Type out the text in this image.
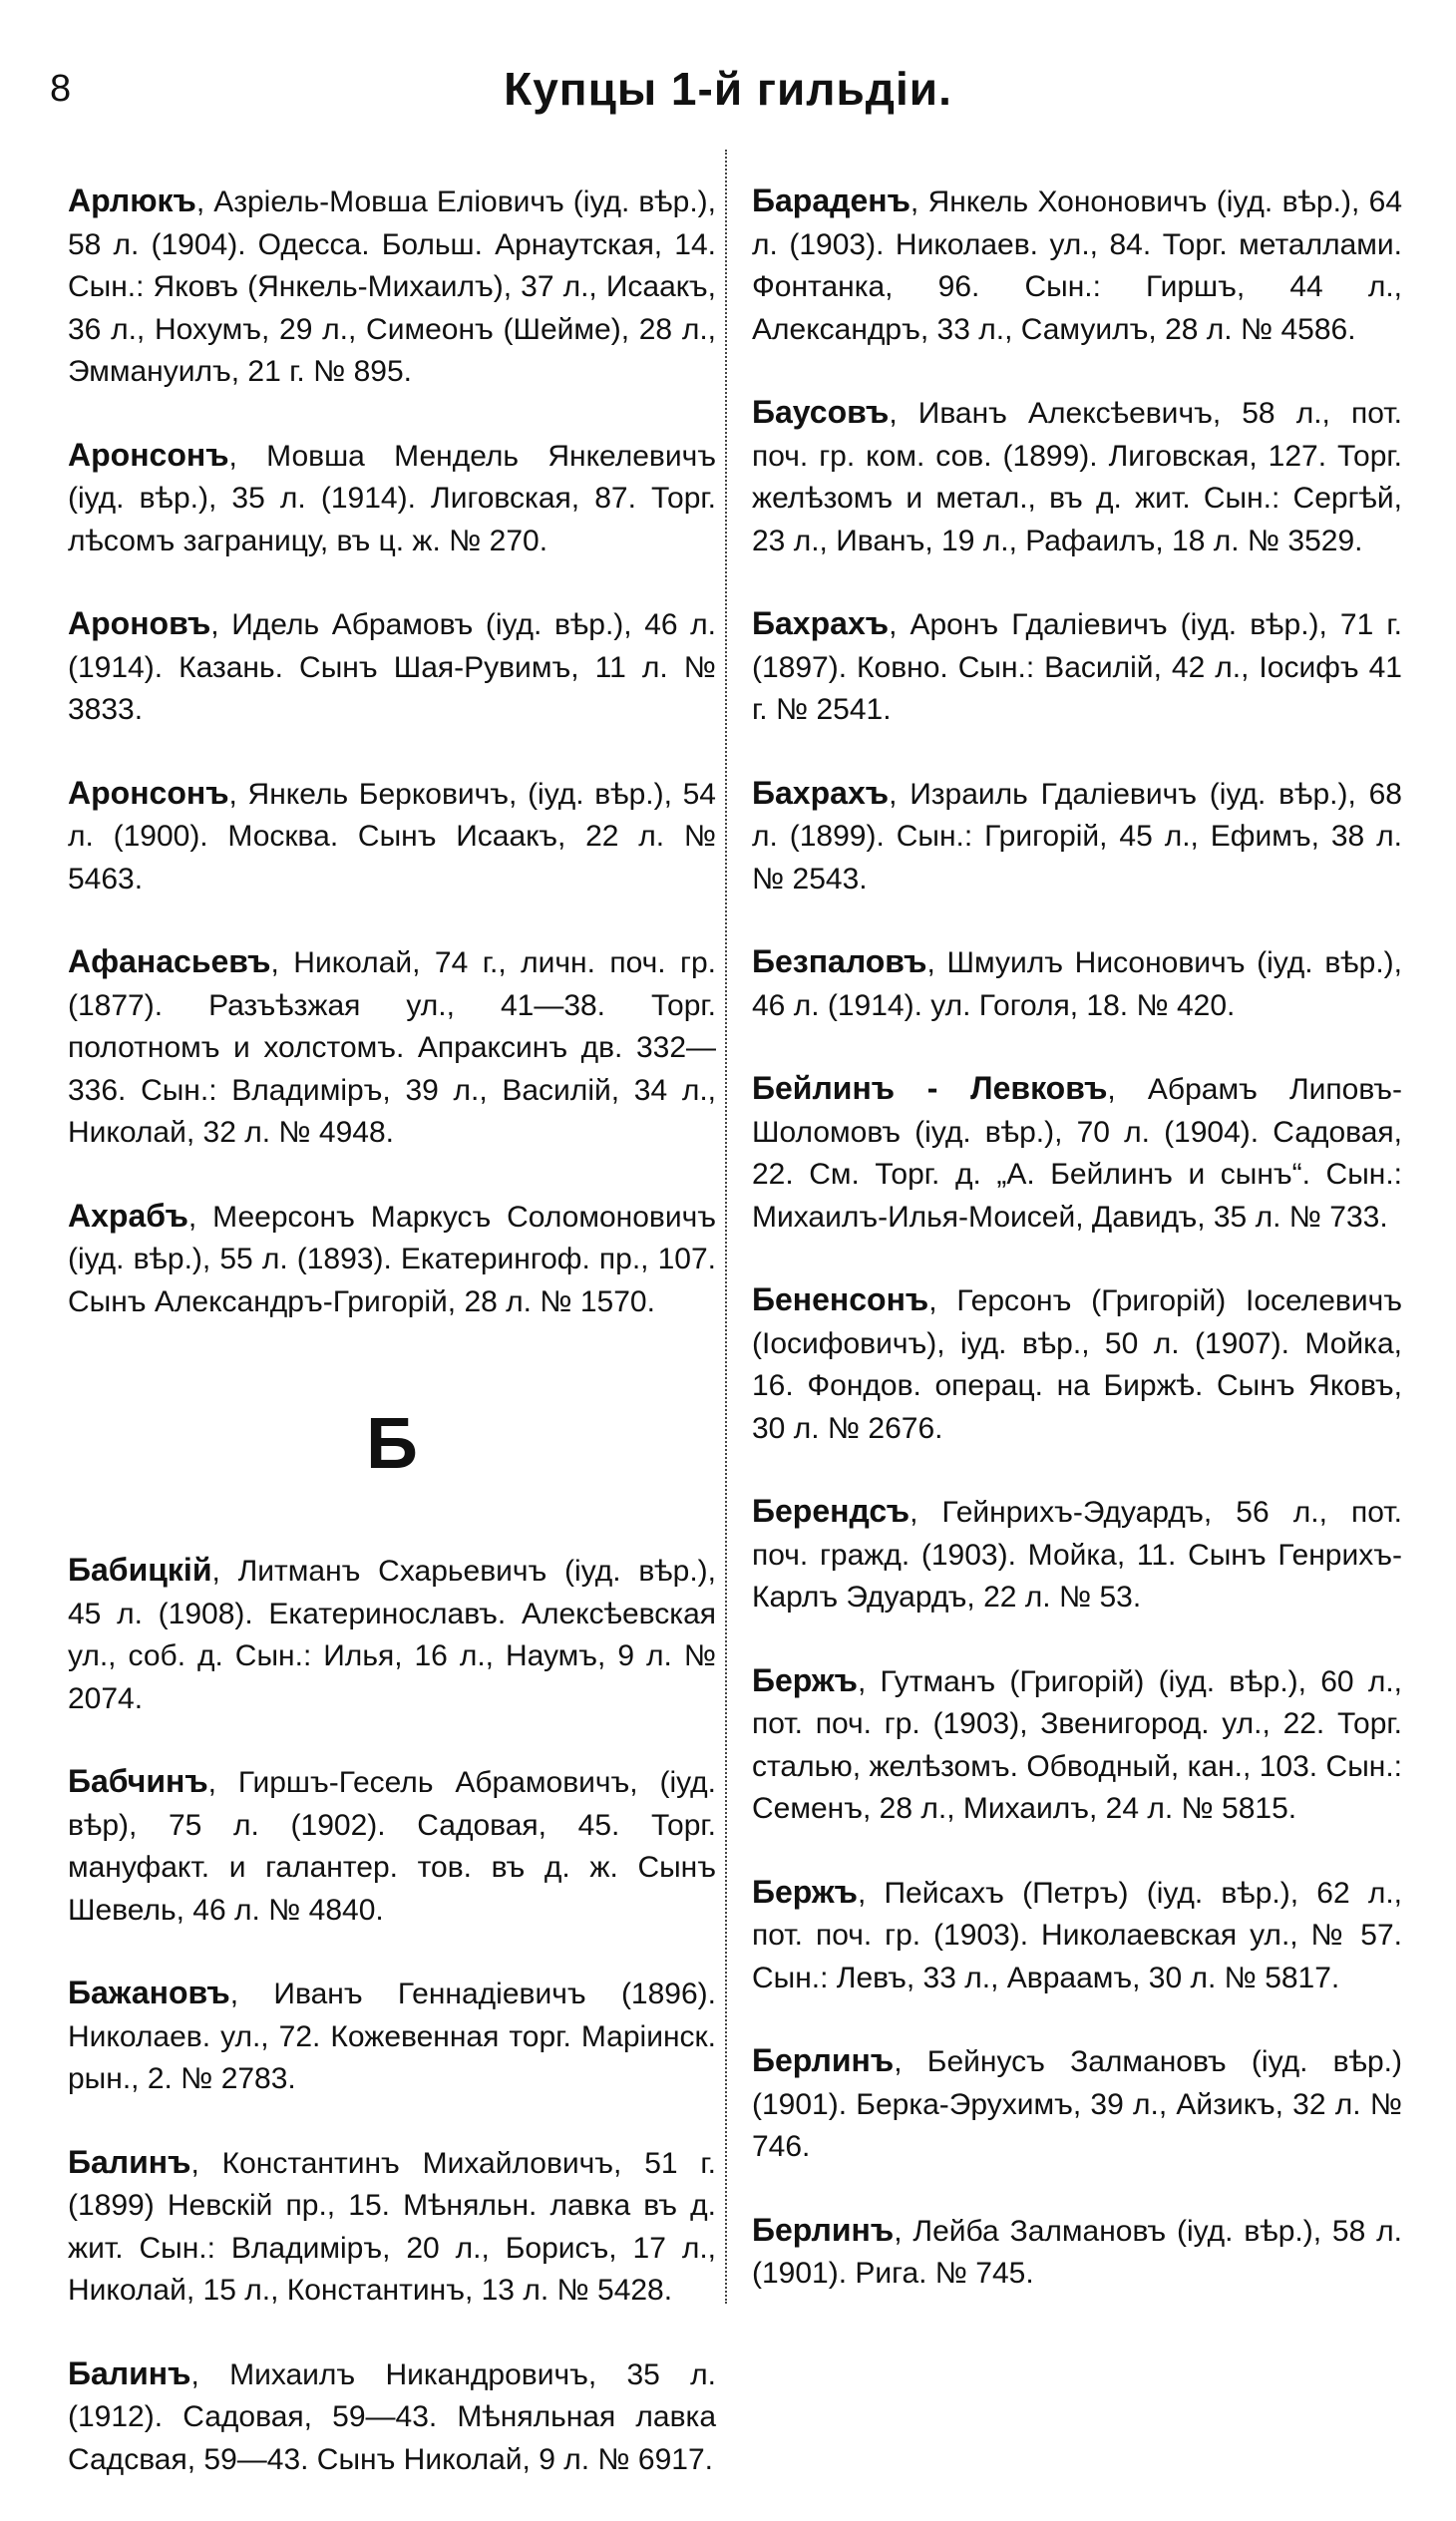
8	Купцы 1-й гильдіи.

Арлюкъ, Азріель-Мовша Еліовичъ (іуд. вѣр.), 58 л. (1904). Одесса. Больш. Арнаутская, 14. Сын.: Яковъ (Янкель-Михаилъ), 37 л., Исаакъ, 36 л., Нохумъ, 29 л., Симеонъ (Шейме), 28 л., Эммануилъ, 21 г. № 895.

Аронсонъ, Мовша Мендель Янкелевичъ (іуд. вѣр.), 35 л. (1914). Лиговская, 87. Торг. лѣсомъ заграницу, въ ц. ж. № 270.

Ароновъ, Идель Абрамовъ (іуд. вѣр.), 46 л. (1914). Казань. Сынъ Шая-Рувимъ, 11 л. № 3833.

Аронсонъ, Янкель Берковичъ, (іуд. вѣр.), 54 л. (1900). Москва. Сынъ Исаакъ, 22 л. № 5463.

Афанасьевъ, Николай, 74 г., личн. поч. гр. (1877). Разъѣзжая ул., 41—38. Торг. полотномъ и холстомъ. Апраксинъ дв. 332—336. Сын.: Владиміръ, 39 л., Василій, 34 л., Николай, 32 л. № 4948.

Ахрабъ, Меерсонъ Маркусъ Соломоновичъ (іуд. вѣр.), 55 л. (1893). Екатерингоф. пр., 107. Сынъ Александръ-Григорій, 28 л. № 1570.

Б

Бабицкій, Литманъ Схарьевичъ (іуд. вѣр.), 45 л. (1908). Екатеринославъ. Алексѣевская ул., соб. д. Сын.: Илья, 16 л., Наумъ, 9 л. № 2074.

Бабчинъ, Гиршъ-Гесель Абрамовичъ, (іуд. вѣр), 75 л. (1902). Садовая, 45. Торг. мануфакт. и галантер. тов. въ д. ж. Сынъ Шевель, 46 л. № 4840.

Бажановъ, Иванъ Геннадіевичъ (1896). Николаев. ул., 72. Кожевенная торг. Маріинск. рын., 2. № 2783.

Балинъ, Константинъ Михайловичъ, 51 г. (1899) Невскій пр., 15. Мѣняльн. лавка въ д. жит. Сын.: Владиміръ, 20 л., Борисъ, 17 л., Николай, 15 л., Константинъ, 13 л. № 5428.

Балинъ, Михаилъ Никандровичъ, 35 л. (1912). Садовая, 59—43. Мѣняльная лавка Садсвая, 59—43. Сынъ Николай, 9 л. № 6917.

Бараденъ, Янкель Хононовичъ (іуд. вѣр.), 64 л. (1903). Николаев. ул., 84. Торг. металлами. Фонтанка, 96. Сын.: Гиршъ, 44 л., Александръ, 33 л., Самуилъ, 28 л. № 4586.

Баусовъ, Иванъ Алексѣевичъ, 58 л., пот. поч. гр. ком. сов. (1899). Лиговская, 127. Торг. желѣзомъ и метал., въ д. жит. Сын.: Сергѣй, 23 л., Иванъ, 19 л., Рафаилъ, 18 л. № 3529.

Бахрахъ, Аронъ Гдаліевичъ (іуд. вѣр.), 71 г. (1897). Ковно. Сын.: Василій, 42 л., Іосифъ 41 г. № 2541.

Бахрахъ, Израиль Гдаліевичъ (іуд. вѣр.), 68 л. (1899). Сын.: Григорій, 45 л., Ефимъ, 38 л. № 2543.

Безпаловъ, Шмуилъ Нисоновичъ (іуд. вѣр.), 46 л. (1914). ул. Гоголя, 18. № 420.

Бейлинъ - Левковъ, Абрамъ Липовъ-Шоломовъ (іуд. вѣр.), 70 л. (1904). Садовая, 22. См. Торг. д. „А. Бейлинъ и сынъ“. Сын.: Михаилъ-Илья-Моисей, Давидъ, 35 л. № 733.

Бененсонъ, Герсонъ (Григорій) Іоселевичъ (Іосифовичъ), іуд. вѣр., 50 л. (1907). Мойка, 16. Фондов. операц. на Биржѣ. Сынъ Яковъ, 30 л. № 2676.

Берендсъ, Гейнрихъ-Эдуардъ, 56 л., пот. поч. гражд. (1903). Мойка, 11. Сынъ Генрихъ-Карлъ Эдуардъ, 22 л. № 53.

Бержъ, Гутманъ (Григорій) (іуд. вѣр.), 60 л., пот. поч. гр. (1903), Звенигород. ул., 22. Торг. сталью, желѣзомъ. Обводный, кан., 103. Сын.: Семенъ, 28 л., Михаилъ, 24 л. № 5815.

Бержъ, Пейсахъ (Петръ) (іуд. вѣр.), 62 л., пот. поч. гр. (1903). Николаевская ул., № 57. Сын.: Левъ, 33 л., Авраамъ, 30 л. № 5817.

Берлинъ, Бейнусъ Залмановъ (іуд. вѣр.) (1901). Берка-Эрухимъ, 39 л., Айзикъ, 32 л. № 746.

Берлинъ, Лейба Залмановъ (іуд. вѣр.), 58 л. (1901). Рига. № 745.
